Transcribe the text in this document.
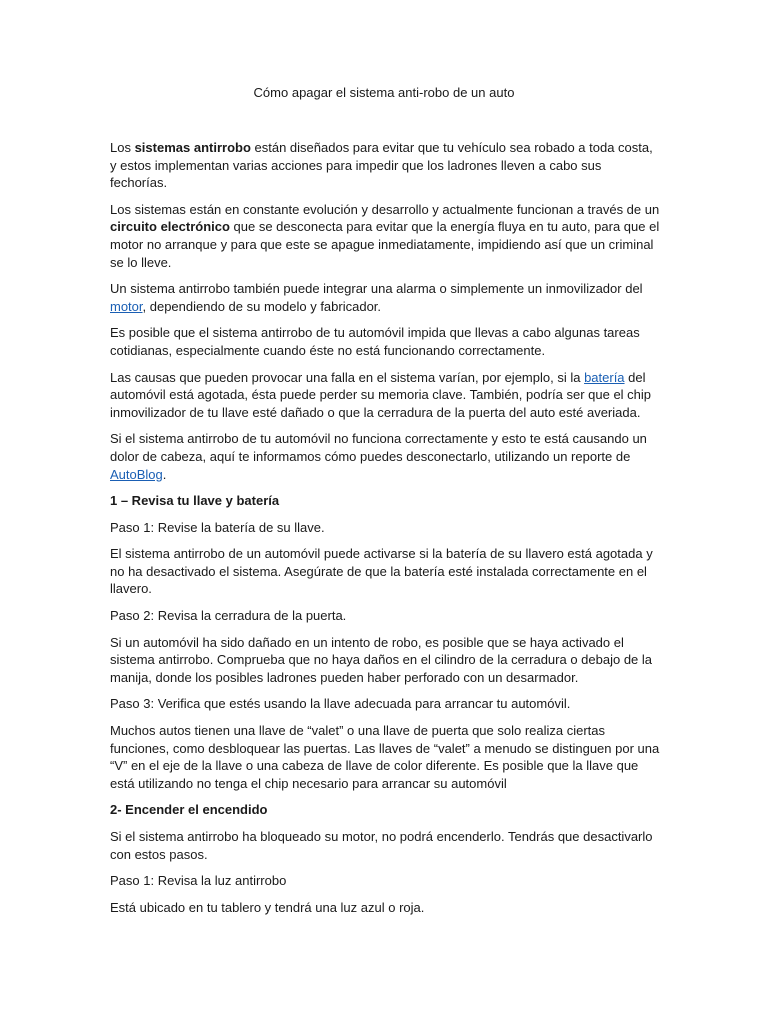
Cómo apagar el sistema anti-robo de un auto

Los sistemas antirrobo están diseñados para evitar que tu vehículo sea robado a toda costa, y estos implementan varias acciones para impedir que los ladrones lleven a cabo sus fechorías.

Los sistemas están en constante evolución y desarrollo y actualmente funcionan a través de un circuito electrónico que se desconecta para evitar que la energía fluya en tu auto, para que el motor no arranque y para que este se apague inmediatamente, impidiendo así que un criminal se lo lleve.

Un sistema antirrobo también puede integrar una alarma o simplemente un inmovilizador del motor, dependiendo de su modelo y fabricador.

Es posible que el sistema antirrobo de tu automóvil impida que llevas a cabo algunas tareas cotidianas, especialmente cuando éste no está funcionando correctamente.

Las causas que pueden provocar una falla en el sistema varían, por ejemplo, si la batería del automóvil está agotada, ésta puede perder su memoria clave. También, podría ser que el chip inmovilizador de tu llave esté dañado o que la cerradura de la puerta del auto esté averiada.

Si el sistema antirrobo de tu automóvil no funciona correctamente y esto te está causando un dolor de cabeza, aquí te informamos cómo puedes desconectarlo, utilizando un reporte de AutoBlog.

1 – Revisa tu llave y batería

Paso 1: Revise la batería de su llave.

El sistema antirrobo de un automóvil puede activarse si la batería de su llavero está agotada y no ha desactivado el sistema. Asegúrate de que la batería esté instalada correctamente en el llavero.

Paso 2: Revisa la cerradura de la puerta.

Si un automóvil ha sido dañado en un intento de robo, es posible que se haya activado el sistema antirrobo. Comprueba que no haya daños en el cilindro de la cerradura o debajo de la manija, donde los posibles ladrones pueden haber perforado con un desarmador.

Paso 3: Verifica que estés usando la llave adecuada para arrancar tu automóvil.

Muchos autos tienen una llave de “valet” o una llave de puerta que solo realiza ciertas funciones, como desbloquear las puertas. Las llaves de “valet” a menudo se distinguen por una “V” en el eje de la llave o una cabeza de llave de color diferente. Es posible que la llave que está utilizando no tenga el chip necesario para arrancar su automóvil

2- Encender el encendido

Si el sistema antirrobo ha bloqueado su motor, no podrá encenderlo. Tendrás que desactivarlo con estos pasos.

Paso 1: Revisa la luz antirrobo

Está ubicado en tu tablero y tendrá una luz azul o roja.
